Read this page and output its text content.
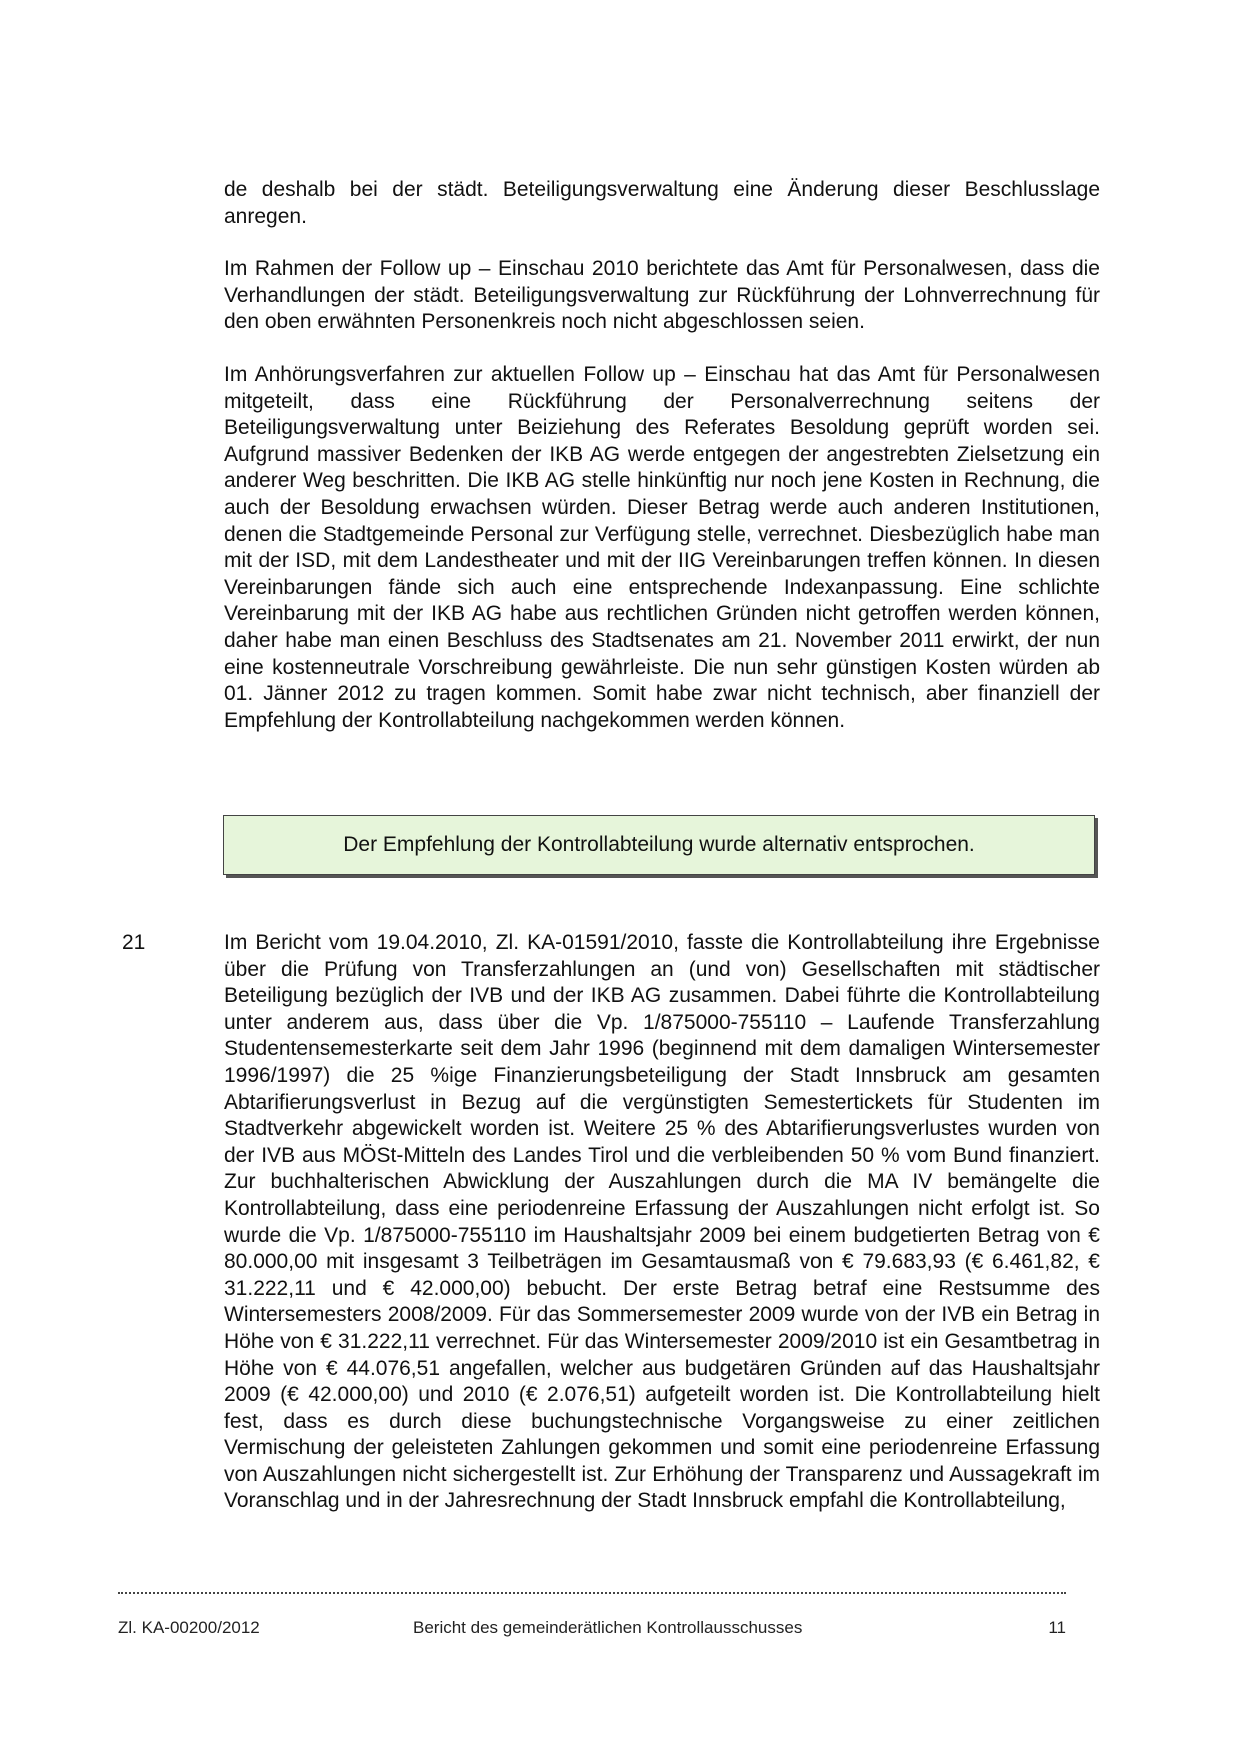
de deshalb bei der städt. Beteiligungsverwaltung eine Änderung dieser Beschlusslage anregen.

Im Rahmen der Follow up – Einschau 2010 berichtete das Amt für Personalwesen, dass die Verhandlungen der städt. Beteiligungsverwaltung zur Rückführung der Lohnverrechnung für den oben erwähnten Personenkreis noch nicht abgeschlossen seien.

Im Anhörungsverfahren zur aktuellen Follow up – Einschau hat das Amt für Personalwesen mitgeteilt, dass eine Rückführung der Personalverrechnung seitens der Beteiligungsverwaltung unter Beiziehung des Referates Besoldung geprüft worden sei. Aufgrund massiver Bedenken der IKB AG werde entgegen der angestrebten Zielsetzung ein anderer Weg beschritten. Die IKB AG stelle hinkünftig nur noch jene Kosten in Rechnung, die auch der Besoldung erwachsen würden. Dieser Betrag werde auch anderen Institutionen, denen die Stadtgemeinde Personal zur Verfügung stelle, verrechnet. Diesbezüglich habe man mit der ISD, mit dem Landestheater und mit der IIG Vereinbarungen treffen können. In diesen Vereinbarungen fände sich auch eine entsprechende Indexanpassung. Eine schlichte Vereinbarung mit der IKB AG habe aus rechtlichen Gründen nicht getroffen werden können, daher habe man einen Beschluss des Stadtsenates am 21. November 2011 erwirkt, der nun eine kostenneutrale Vorschreibung gewährleiste. Die nun sehr günstigen Kosten würden ab 01. Jänner 2012 zu tragen kommen. Somit habe zwar nicht technisch, aber finanziell der Empfehlung der Kontrollabteilung nachgekommen werden können.

Der Empfehlung der Kontrollabteilung wurde alternativ entsprochen.
21	Im Bericht vom 19.04.2010, Zl. KA-01591/2010, fasste die Kontrollabteilung ihre Ergebnisse über die Prüfung von Transferzahlungen an (und von) Gesellschaften mit städtischer Beteiligung bezüglich der IVB und der IKB AG zusammen. Dabei führte die Kontrollabteilung unter anderem aus, dass über die Vp. 1/875000-755110 – Laufende Transferzahlung Studentensemesterkarte seit dem Jahr 1996 (beginnend mit dem damaligen Wintersemester 1996/1997) die 25 %ige Finanzierungsbeteiligung der Stadt Innsbruck am gesamten Abtarifierungsverlust in Bezug auf die vergünstigten Semestertickets für Studenten im Stadtverkehr abgewickelt worden ist. Weitere 25 % des Abtarifierungsverlustes wurden von der IVB aus MÖSt-Mitteln des Landes Tirol und die verbleibenden 50 % vom Bund finanziert. Zur buchhalterischen Abwicklung der Auszahlungen durch die MA IV bemängelte die Kontrollabteilung, dass eine periodenreine Erfassung der Auszahlungen nicht erfolgt ist. So wurde die Vp. 1/875000-755110 im Haushaltsjahr 2009 bei einem budgetierten Betrag von € 80.000,00 mit insgesamt 3 Teilbeträgen im Gesamtausmaß von € 79.683,93 (€ 6.461,82, € 31.222,11 und € 42.000,00) bebucht. Der erste Betrag betraf eine Restsumme des Wintersemesters 2008/2009. Für das Sommersemester 2009 wurde von der IVB ein Betrag in Höhe von € 31.222,11 verrechnet. Für das Wintersemester 2009/2010 ist ein Gesamtbetrag in Höhe von € 44.076,51 angefallen, welcher aus budgetären Gründen auf das Haushaltsjahr 2009 (€ 42.000,00) und 2010 (€ 2.076,51) aufgeteilt worden ist. Die Kontrollabteilung hielt fest, dass es durch diese buchungstechnische Vorgangsweise zu einer zeitlichen Vermischung der geleisteten Zahlungen gekommen und somit eine periodenreine Erfassung von Auszahlungen nicht sichergestellt ist. Zur Erhöhung der Transparenz und Aussagekraft im Voranschlag und in der Jahresrechnung der Stadt Innsbruck empfahl die Kontrollabteilung,

Zl. KA-00200/2012	Bericht des gemeinderätlichen Kontrollausschusses	11
